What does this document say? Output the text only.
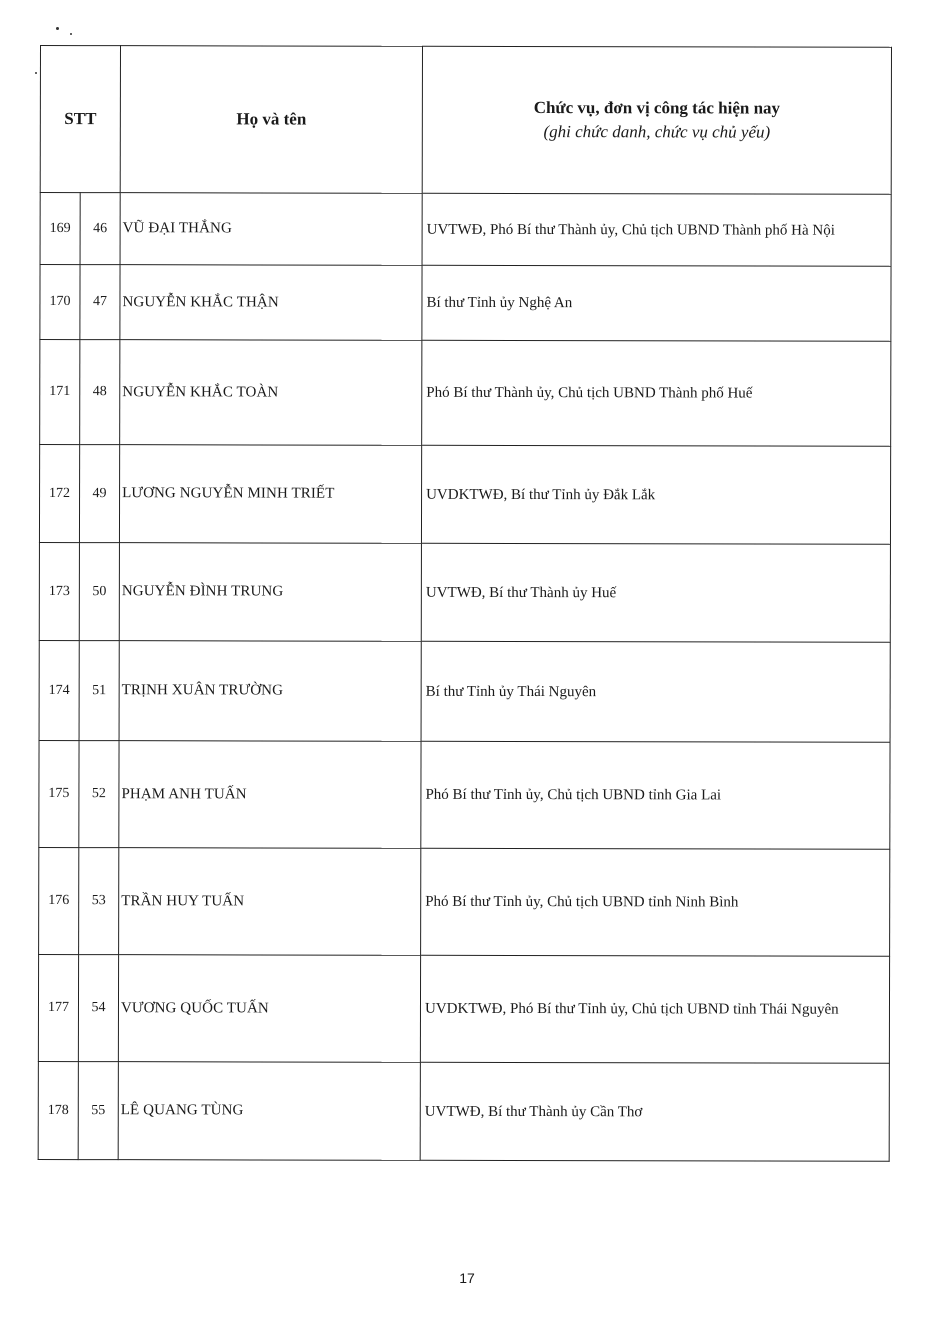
STT		Họ và tên	Chức vụ, đơn vị công tác hiện nay
(ghi chức danh, chức vụ chủ yếu)

169	46	VŨ ĐẠI THẮNG	UVTWĐ, Phó Bí thư Thành ủy, Chủ tịch UBND Thành phố Hà Nội
170	47	NGUYỄN KHẮC THẬN	Bí thư Tỉnh ủy Nghệ An
171	48	NGUYỄN KHẮC TOÀN	Phó Bí thư Thành ủy, Chủ tịch UBND Thành phố Huế
172	49	LƯƠNG NGUYỄN MINH TRIẾT	UVDKTWĐ, Bí thư Tỉnh ủy Đắk Lắk
173	50	NGUYỄN ĐÌNH TRUNG	UVTWĐ, Bí thư Thành ủy Huế
174	51	TRỊNH XUÂN TRƯỜNG	Bí thư Tỉnh ủy Thái Nguyên
175	52	PHẠM ANH TUẤN	Phó Bí thư Tỉnh ủy, Chủ tịch UBND tỉnh Gia Lai
176	53	TRẦN HUY TUẤN	Phó Bí thư Tỉnh ủy, Chủ tịch UBND tỉnh Ninh Bình
177	54	VƯƠNG QUỐC TUẤN	UVDKTWĐ, Phó Bí thư Tỉnh ủy, Chủ tịch UBND tỉnh Thái Nguyên
178	55	LÊ QUANG TÙNG	UVTWĐ, Bí thư Thành ủy Cần Thơ
17
